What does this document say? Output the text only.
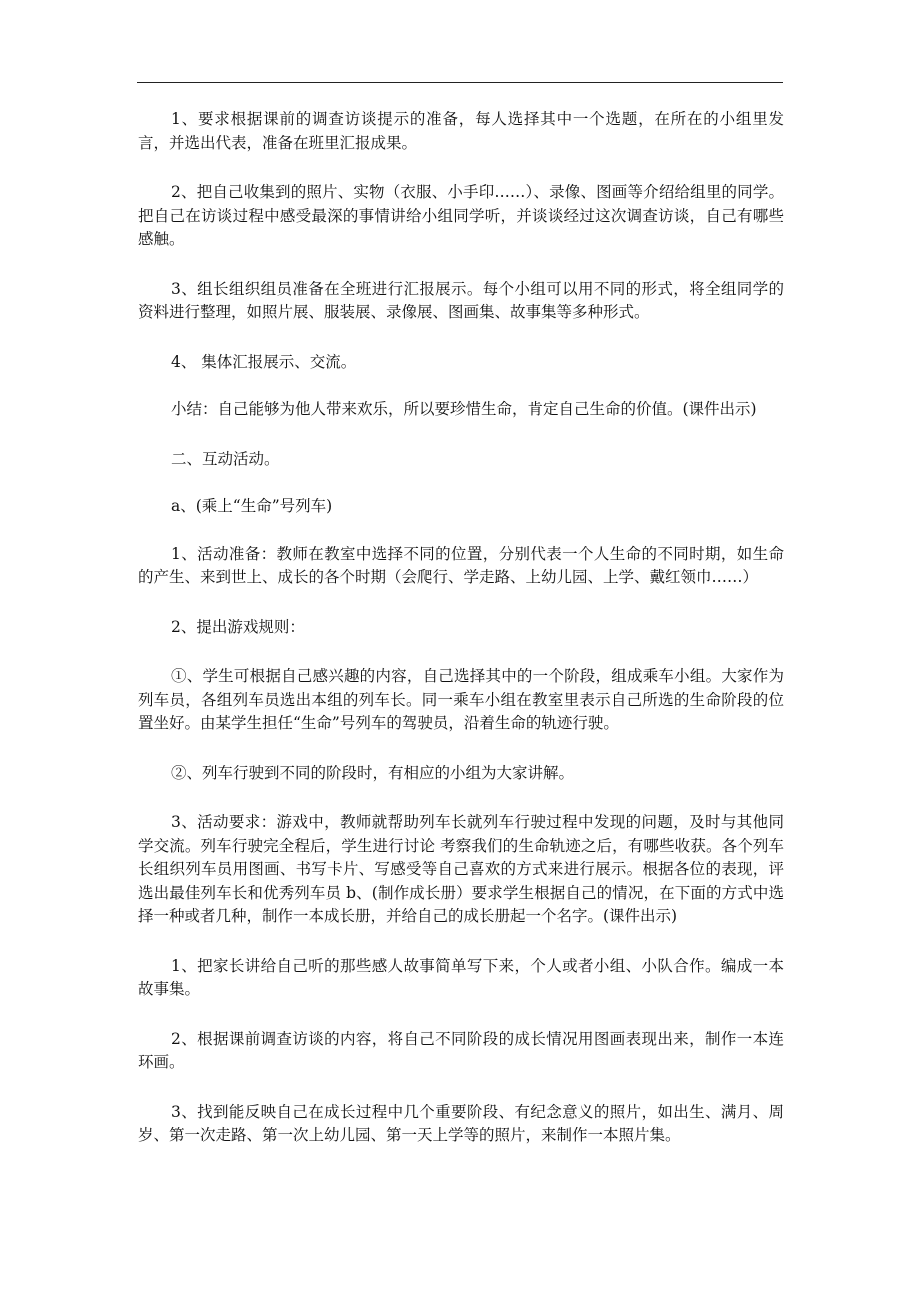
1、要求根据课前的调查访谈提示的准备，每人选择其中一个选题，在所在的小组里发言，并选出代表，准备在班里汇报成果。

2、把自己收集到的照片、实物（衣服、小手印……）、录像、图画等介绍给组里的同学。把自己在访谈过程中感受最深的事情讲给小组同学听，并谈谈经过这次调查访谈，自己有哪些感触。

3、组长组织组员准备在全班进行汇报展示。每个小组可以用不同的形式，将全组同学的资料进行整理，如照片展、服装展、录像展、图画集、故事集等多种形式。

4、 集体汇报展示、交流。

小结：自己能够为他人带来欢乐，所以要珍惜生命，肯定自己生命的价值。(课件出示)

二、互动活动。

a、(乘上“生命”号列车)

1、活动准备：教师在教室中选择不同的位置，分别代表一个人生命的不同时期，如生命的产生、来到世上、成长的各个时期（会爬行、学走路、上幼儿园、上学、戴红领巾……）

2、提出游戏规则：

①、学生可根据自己感兴趣的内容，自己选择其中的一个阶段，组成乘车小组。大家作为列车员，各组列车员选出本组的列车长。同一乘车小组在教室里表示自己所选的生命阶段的位置坐好。由某学生担任“生命”号列车的驾驶员，沿着生命的轨迹行驶。

②、列车行驶到不同的阶段时，有相应的小组为大家讲解。

3、活动要求：游戏中，教师就帮助列车长就列车行驶过程中发现的问题，及时与其他同学交流。列车行驶完全程后，学生进行讨论 考察我们的生命轨迹之后，有哪些收获。各个列车长组织列车员用图画、书写卡片、写感受等自己喜欢的方式来进行展示。根据各位的表现，评选出最佳列车长和优秀列车员 b、(制作成长册）要求学生根据自己的情况，在下面的方式中选择一种或者几种，制作一本成长册，并给自己的成长册起一个名字。(课件出示)

1、把家长讲给自己听的那些感人故事简单写下来，个人或者小组、小队合作。编成一本故事集。

2、根据课前调查访谈的内容，将自己不同阶段的成长情况用图画表现出来，制作一本连环画。

3、找到能反映自己在成长过程中几个重要阶段、有纪念意义的照片，如出生、满月、周岁、第一次走路、第一次上幼儿园、第一天上学等的照片，来制作一本照片集。
